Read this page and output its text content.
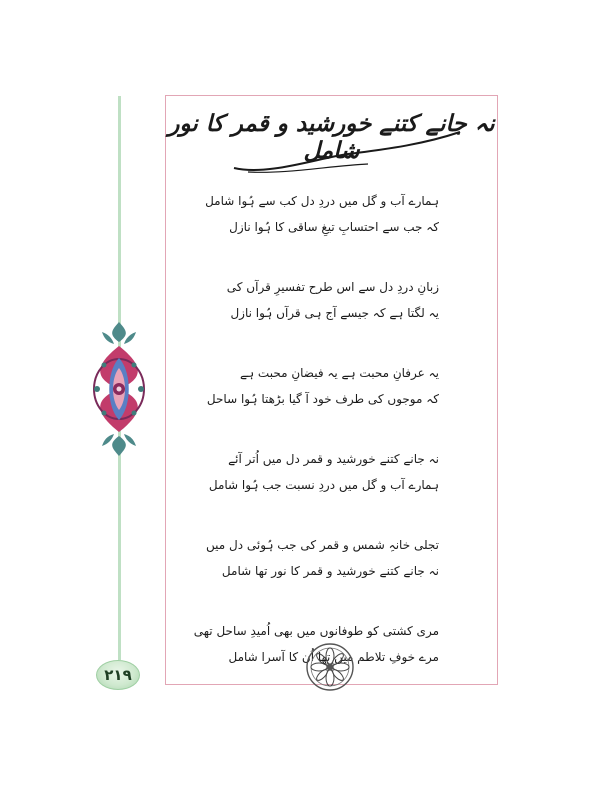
نہ جانے کتنے خورشید و قمر کا نور شامل
ہمارے آب و گل میں دردِ دل کب سے ہُوا شامل
کہ جب سے احتسابِ تیغِ ساقی کا ہُوا نازل
زبانِ دردِ دل سے اس طرح تفسیرِ قرآں کی
یہ لگتا ہے کہ جیسے آج ہی قرآں ہُوا نازل
یہ عرفانِ محبت ہے یہ فیضانِ محبت ہے
کہ موجوں کی طرف خود آ گیا بڑھتا ہُوا ساحل
نہ جانے کتنے خورشید و قمر دل میں اُتر آئے
ہمارے آب و گل میں دردِ نسبت جب ہُوا شامل
تجلی خانہِ شمس و قمر کی جب ہُوئی دل میں
نہ جانے کتنے خورشید و قمر کا نور تھا شامل
مری کشتی کو طوفانوں میں بھی اُمیدِ ساحل تھی
مرے خوفِ تلاطم میں تھا اُن کا آسرا شامل
۲۱۹
